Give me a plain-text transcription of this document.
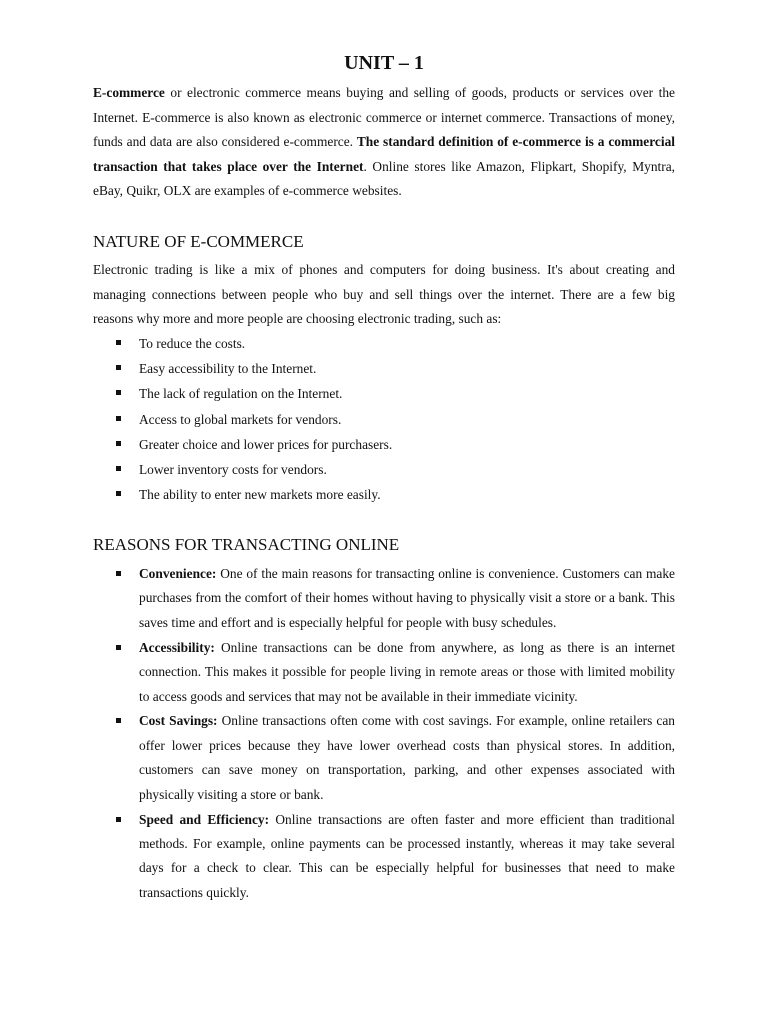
UNIT – 1

E-commerce or electronic commerce means buying and selling of goods, products or services over the Internet. E-commerce is also known as electronic commerce or internet commerce. Transactions of money, funds and data are also considered e-commerce. The standard definition of e-commerce is a commercial transaction that takes place over the Internet. Online stores like Amazon, Flipkart, Shopify, Myntra, eBay, Quikr, OLX are examples of e-commerce websites.

NATURE OF E-COMMERCE

Electronic trading is like a mix of phones and computers for doing business. It's about creating and managing connections between people who buy and sell things over the internet. There are a few big reasons why more and more people are choosing electronic trading, such as:

To reduce the costs.
Easy accessibility to the Internet.
The lack of regulation on the Internet.
Access to global markets for vendors.
Greater choice and lower prices for purchasers.
Lower inventory costs for vendors.
The ability to enter new markets more easily.
REASONS FOR TRANSACTING ONLINE
Convenience: One of the main reasons for transacting online is convenience. Customers can make purchases from the comfort of their homes without having to physically visit a store or a bank. This saves time and effort and is especially helpful for people with busy schedules.
Accessibility: Online transactions can be done from anywhere, as long as there is an internet connection. This makes it possible for people living in remote areas or those with limited mobility to access goods and services that may not be available in their immediate vicinity.
Cost Savings: Online transactions often come with cost savings. For example, online retailers can offer lower prices because they have lower overhead costs than physical stores. In addition, customers can save money on transportation, parking, and other expenses associated with physically visiting a store or bank.
Speed and Efficiency: Online transactions are often faster and more efficient than traditional methods. For example, online payments can be processed instantly, whereas it may take several days for a check to clear. This can be especially helpful for businesses that need to make transactions quickly.
